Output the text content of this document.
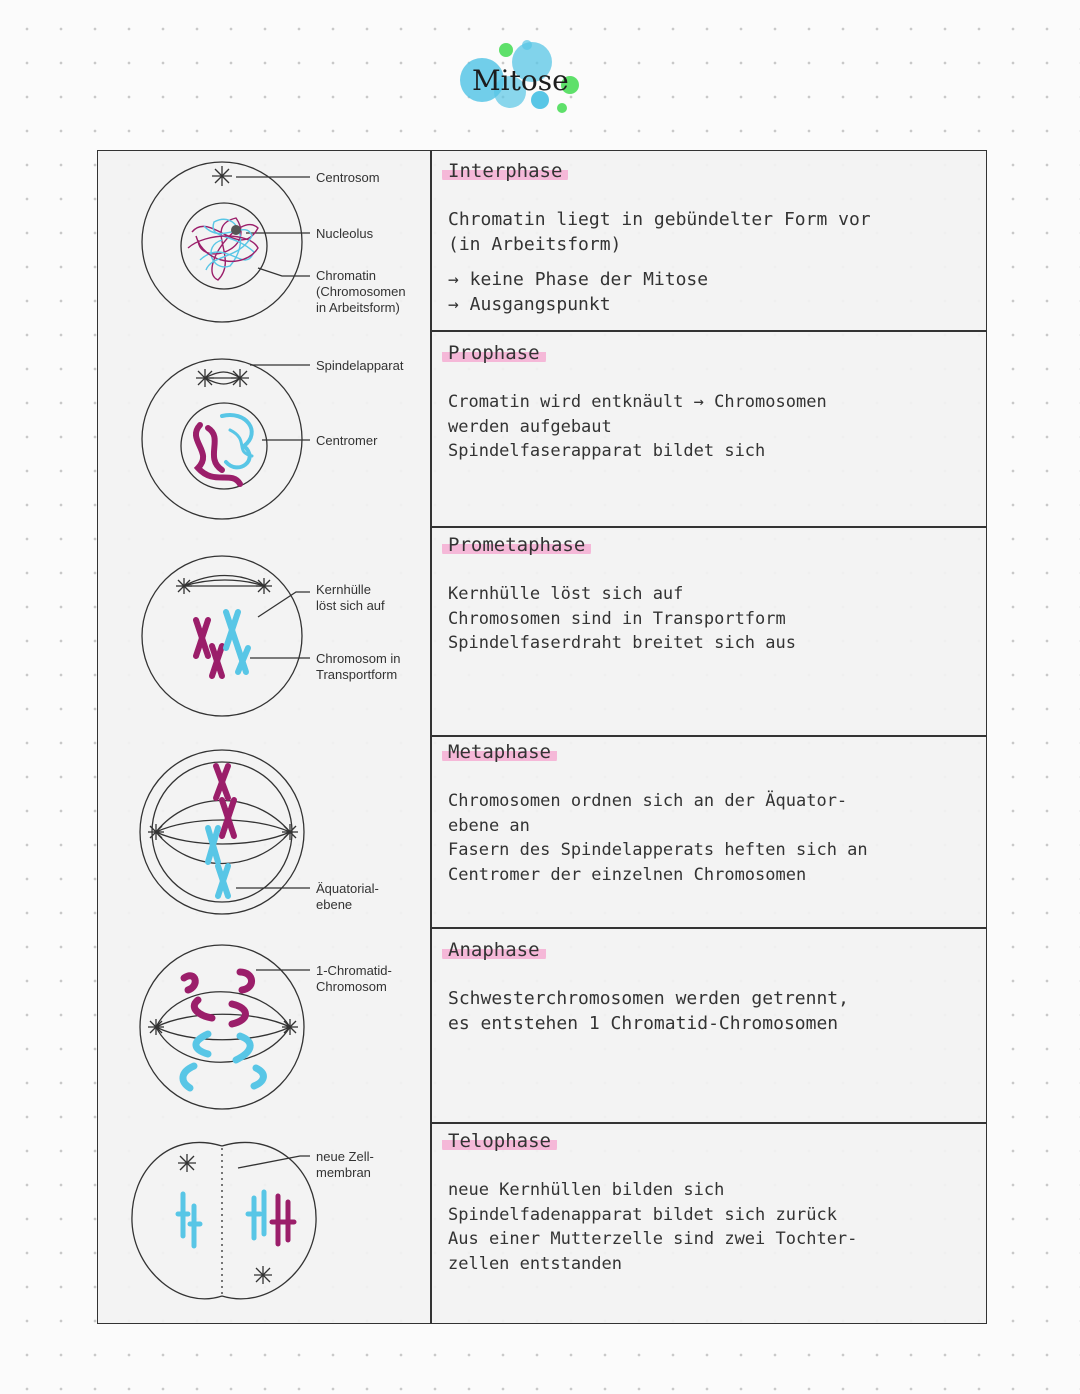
Mitose
Interphase
Chromatin liegt in gebündelter Form vor
(in Arbeitsform)
→ keine Phase der Mitose
→ Ausgangspunkt
Prophase
Cromatin wird entknäult → Chromosomen
werden aufgebaut
Spindelfaserapparat bildet sich
Prometaphase
Kernhülle löst sich auf
Chromosomen sind in Transportform
Spindelfaserdraht breitet sich aus
Metaphase
Chromosomen ordnen sich an der Äquator-
ebene an
Fasern des Spindelapperats heften sich an
Centromer der einzelnen Chromosomen
Anaphase
Schwesterchromosomen werden getrennt,
es entstehen 1 Chromatid-Chromosomen
Telophase
neue Kernhüllen bilden sich
Spindelfadenapparat bildet sich zurück
Aus einer Mutterzelle sind zwei Tochter-
zellen entstanden
Centrosom
Nucleolus
Chromatin
(Chromosomen
in Arbeitsform)
Spindelapparat
Centromer
Kernhülle
löst sich auf
Chromosom in
Transportform
Äquatorial-
ebene
1-Chromatid-
Chromosom
neue Zell-
membran
